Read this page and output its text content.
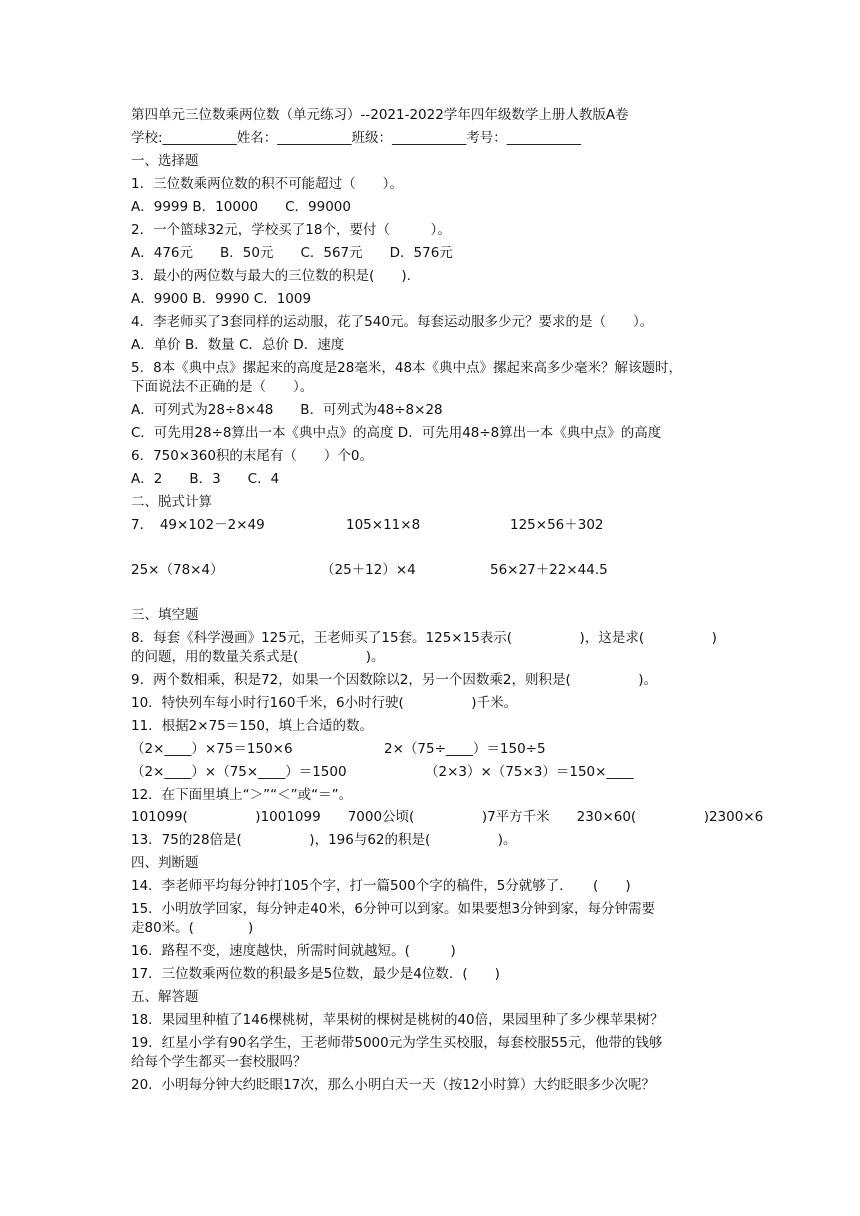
第四单元三位数乘两位数（单元练习）--2021-2022学年四年级数学上册人教版A卷
学校:___________姓名：___________班级：___________考号：___________
一、选择题
1．三位数乘两位数的积不可能超过（　　）。
A．9999 B．10000　　C．99000
2．一个篮球32元，学校买了18个，要付（　　　）。
A．476元　　B．50元　　C．567元　　D．576元
3．最小的两位数与最大的三位数的积是(　　).
A．9900 B．9990 C．1009
4．李老师买了3套同样的运动服，花了540元。每套运动服多少元？要求的是（　　）。
A．单价 B．数量 C．总价 D．速度
5．8本《典中点》摞起来的高度是28毫米，48本《典中点》摞起来高多少毫米？解该题时，
下面说法不正确的是（　　）。
A．可列式为28÷8×48　　B．可列式为48÷8×28
C．可先用28÷8算出一本《典中点》的高度 D．可先用48÷8算出一本《典中点》的高度
6．750×360积的末尾有（　　）个0。
A．2　　B．3　　C．4
二、脱式计算
7．　49×102－2×49	105×11×8	125×56＋302
25×（78×4）	（25＋12）×4	56×27＋22×44.5
三、填空题
8．每套《科学漫画》125元，王老师买了15套。125×15表示(　　　　　)，这是求(　　　　　)
的问题，用的数量关系式是(　　　　　)。
9．两个数相乘，积是72，如果一个因数除以2，另一个因数乘2，则积是(　　　　　)。
10．特快列车每小时行160千米，6小时行驶(　　　　　)千米。
11．根据2×75＝150，填上合适的数。
（2×____）×75＝150×6	2×（75÷____）＝150÷5
（2×____）×（75×____）＝1500	（2×3）×（75×3）＝150×____
12．在下面里填上“＞”“＜”或“＝”。
101099(　　　　　)1001099　　7000公顷(　　　　　)7平方千米　　230×60(　　　　　)2300×6
13．75的28倍是(　　　　　)，196与62的积是(　　　　　)。
四、判断题
14．李老师平均每分钟打105个字，打一篇500个字的稿件，5分就够了．　　(　　)
15．小明放学回家，每分钟走40米，6分钟可以到家。如果要想3分钟到家，每分钟需要
走80米。(　　　　)
16．路程不变，速度越快，所需时间就越短。(　　　)
17．三位数乘两位数的积最多是5位数，最少是4位数．(　　)
五、解答题
18．果园里种植了146棵桃树，苹果树的棵树是桃树的40倍，果园里种了多少棵苹果树？
19．红星小学有90名学生，王老师带5000元为学生买校服，每套校服55元，他带的钱够
给每个学生都买一套校服吗？
20．小明每分钟大约眨眼17次，那么小明白天一天（按12小时算）大约眨眼多少次呢？
